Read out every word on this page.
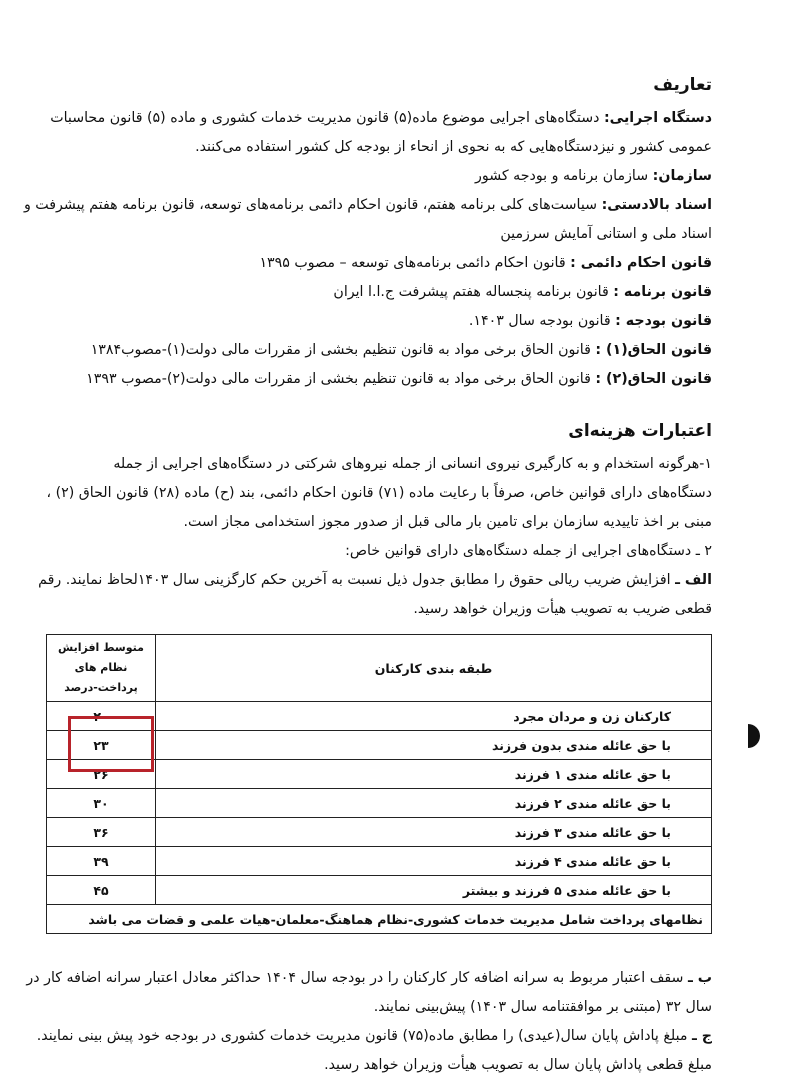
تعاریف

دستگاه اجرایی: دستگاه‌های اجرایی موضوع ماده(۵) قانون مدیریت خدمات کشوری و ماده (۵) قانون محاسبات

عمومی کشور و نیزدستگاه‌هایی که به نحوی از انحاء از بودجه کل کشور استفاده می‌کنند.

سازمان: سازمان برنامه و بودجه کشور

اسناد بالادستی: سیاست‌های کلی برنامه هفتم، قانون احکام دائمی برنامه‌های توسعه، قانون برنامه هفتم پیشرفت و

اسناد ملی و استانی آمایش سرزمین

قانون احکام دائمی : قانون احکام دائمی برنامه‌های توسعه – مصوب ۱۳۹۵

قانون برنامه : قانون برنامه پنجساله هفتم پیشرفت ج.ا.ا ایران

قانون بودجه : قانون بودجه سال ۱۴۰۳.

قانون الحاق(۱) : قانون الحاق برخی مواد به قانون تنظیم بخشی از مقررات مالی دولت(۱)-مصوب۱۳۸۴

قانون الحاق(۲) : قانون الحاق برخی مواد به قانون تنظیم بخشی از مقررات مالی دولت(۲)-مصوب ۱۳۹۳

اعتبارات هزینه‌ای

۱-هرگونه استخدام و به کارگیری نیروی انسانی از جمله نیروهای شرکتی در دستگاه‌های اجرایی از جمله

دستگاه‌های دارای قوانین خاص، صرفاً با رعایت ماده (۷۱) قانون احکام دائمی، بند (ح) ماده (۲۸) قانون الحاق (۲) ،

مبنی بر اخذ تاییدیه سازمان برای تامین بار مالی قبل از صدور مجوز استخدامی مجاز است.

۲ ـ دستگاه‌های اجرایی از جمله دستگاه‌های دارای قوانین خاص:

الف ـ افزایش ضریب ریالی حقوق را مطابق جدول ذیل نسبت به آخرین حکم کارگزینی سال ۱۴۰۳لحاظ نمایند. رقم

قطعی ضریب به تصویب هیأت وزیران خواهد رسید.

طبقه بندی کارکنان	متوسط افزایش نظام های پرداخت-درصد
کارکنان زن و مردان مجرد	۲۰
با حق عائله مندی بدون فرزند	۲۳
با حق عائله مندی ۱ فرزند	۲۶
با حق عائله مندی ۲ فرزند	۳۰
با حق عائله مندی ۳ فرزند	۳۶
با حق عائله مندی ۴ فرزند	۳۹
با حق عائله مندی ۵ فرزند و بیشتر	۴۵
نظامهای پرداخت شامل مدیریت خدمات کشوری-نظام هماهنگ-معلمان-هیات علمی و قضات می باشد	

ب ـ سقف اعتبار مربوط به سرانه اضافه کار کارکنان را در بودجه سال ۱۴۰۴ حداکثر معادل اعتبار سرانه اضافه کار در

سال ۳۲ (مبتنی بر موافقتنامه سال ۱۴۰۳) پیش‌بینی نمایند.

ج ـ مبلغ پاداش پایان سال(عیدی) را مطابق ماده(۷۵) قانون مدیریت خدمات کشوری در بودجه خود پیش بینی نمایند.

مبلغ قطعی پاداش پایان سال به تصویب هیأت وزیران خواهد رسید.
